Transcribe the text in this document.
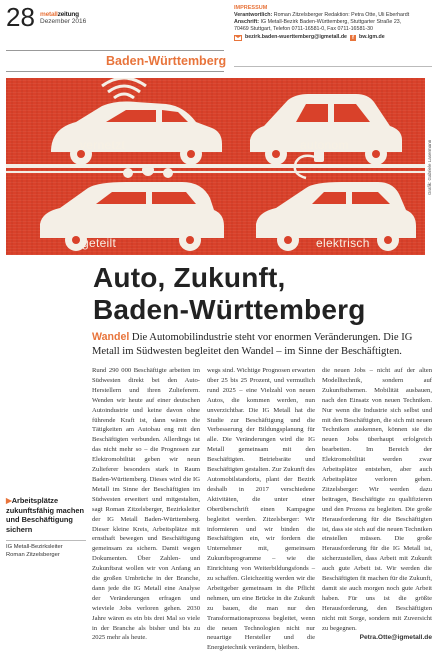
28 metallzeitung
Dezember 2016
Baden-Württemberg
IMPRESSUM
Verantwortlich: Roman Zitzelsberger Redaktion: Petra Otte, Uli Eberhardt
Anschrift: IG Metall-Bezirk Baden-Württemberg, Stuttgarter Straße 23,
70469 Stuttgart, Telefon 0711-16581-0, Fax 0711-16581-30
bezirk.baden-wuerttemberg@igmetall.de	f bw.igm.de
vernetzt	autonom
geteilt	elektrisch
Grafik: Gabriele Lasermann
Auto, Zukunft,
Baden-Württemberg
Wandel Die Automobilindustrie steht vor enormen Veränderungen. Die IG Metall im Südwesten begleitet den Wandel – im Sinne der Beschäftigten.

Rund 290 000 Beschäftigte arbeiten im Südwesten direkt bei den Auto-Herstellern und ihren Zulieferern. Wenden wir heute auf einer deutschen Autoindustrie und keine davon ohne führende Kraft ist, dann wären die Tätigkeiten am Autobau eng mit den Beschäftigten verbunden. Allerdings ist das nicht mehr so – die Prognosen zur Elektromobilität geben wir neun Zulieferer besonders stark in Raum Baden-Württemberg. Dieses wird die IG Metall im Sinne der Beschäftigten im Südwesten erweitert und mitgestalten, sagt Roman Zitzelsberger, Bezirksleiter der IG Metall Baden-Württemberg. Dieser kleine Kreis, Arbeitsplätze mit ernsthaft bewegen und Beschäftigung gemeinsam zu sichern. Damit wegen Dokumenten. Über Zahlen- und Zukunftsrat wollen wir von Anfang an die großen Umbrüche in der Branche, dann jede die IG Metall eine Analyse der Veränderungen erfragen und wieviele Jobs verloren gehen. 2030 Jahre wären es ein bis drei Mal so viele in der Branche als bisher und bis zu 2025 mehr als heute.

wegs sind. Wichtige Prognosen erwarten über 25 bis 25 Prozent, und vermutlich rund 2025 – eine Vielzahl von neuen Autos, die kommen werden, nun unverzichtbar. Die IG Metall hat die Studie zur Beschäftigung und die Verbesserung der Bildungsplanung für alle. Die Veränderungen wird die IG Metall gemeinsam mit den Beschäftigten. Betriebsräte und Beschäftigten gestalten. Zur Zukunft des Automobilstandorts, plant der Bezirk deshalb in 2017 verschiedene Aktivitäten, die unter einer Oberüberschrift einen Kampagne begleitet werden. Zitzelsberger: Wir informieren und wir binden die Beschäftigten ein, wir fordern die Unternehmer mit, gemeinsam Zukunftsprogramme – wie die Einrichtung von Weiterbildungsfonds – zu schaffen. Gleichzeitig werden wir die Arbeitgeber gemeinsam in die Pflicht nehmen, um eine Brücke in die Zukunft zu bauen, die man nur den Transformationsprozess begleitet, wenn die neuen Technologien nicht nur neuartige Hersteller und die Energietechnik verändern, bleiben.

die neuen Jobs – nicht auf der alten Modelltechnik, sondern auf Zukunftsthemen. Mobilität ausbauen, nach den Einsatz von neuen Techniken. Nur wenn die Industrie sich selbst und mit den Beschäftigten, die sich mit neuen Techniken auskennen, können sie die neuen Jobs überhaupt erfolgreich bearbeiten. Im Bereich der Elektromobilität werden zwar Arbeitsplätze entstehen, aber auch Arbeitsplätze verloren gehen. Zitzelsberger: Wir werden dazu beitragen, Beschäftigte zu qualifizieren und den Prozess zu begleiten. Die große Herausforderung für die Beschäftigten ist, dass sie sich auf die neuen Techniken einstellen müssen. Die große Herausforderung für die IG Metall ist, sicherzustellen, dass Arbeit mit Zukunft auch gute Arbeit ist. Wir werden die Beschäftigten fit machen für die Zukunft, damit sie auch morgen noch gute Arbeit haben. Für uns ist die größte Herausforderung, den Beschäftigten nicht mit Sorge, sondern mit Zuversicht zu begegnen.

Petra.Otte@igmetall.de

▶Arbeitsplätze zukunftsfähig machen und Beschäftigung sichern
IG Metall-Bezirksleiter
Roman Zitzelsberger
